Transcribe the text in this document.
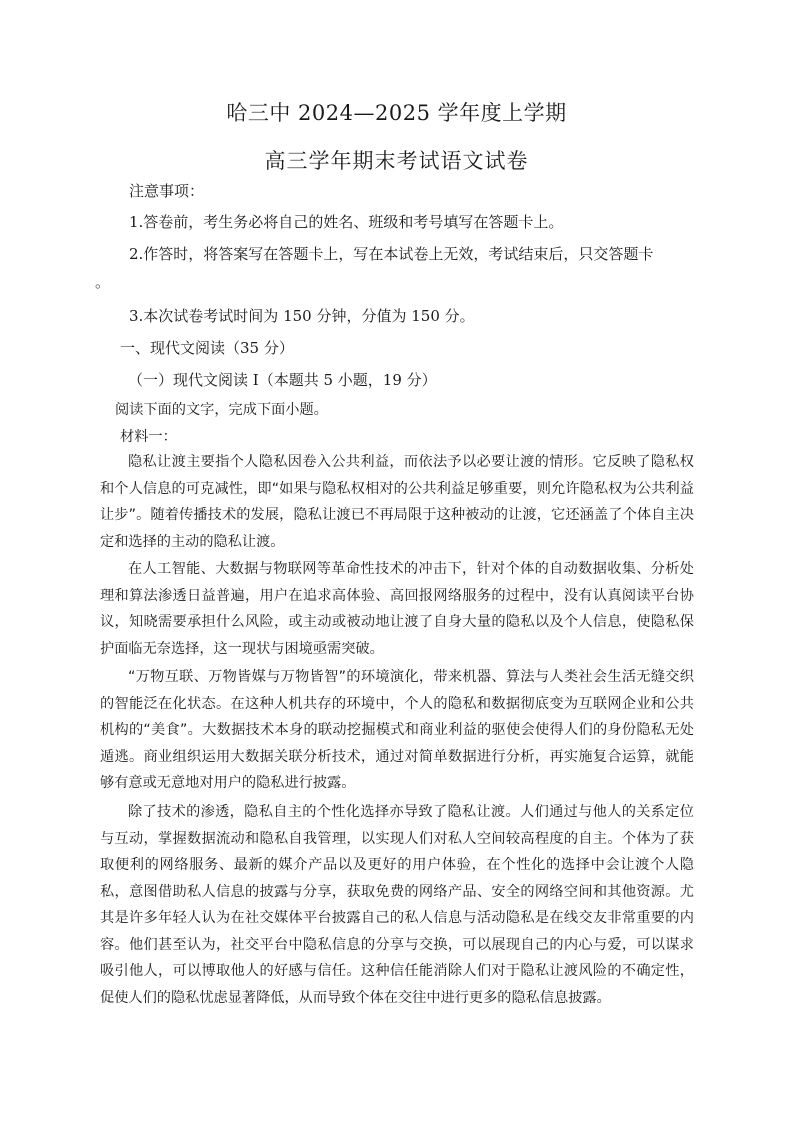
哈三中 2024—2025 学年度上学期
高三学年期末考试语文试卷
注意事项：
1.答卷前，考生务必将自己的姓名、班级和考号填写在答题卡上。
2.作答时，将答案写在答题卡上，写在本试卷上无效，考试结束后，只交答题卡
。
3.本次试卷考试时间为 150 分钟，分值为 150 分。
一、现代文阅读（35 分）
（一）现代文阅读 I（本题共 5 小题，19 分）
阅读下面的文字，完成下面小题。
材料一：

隐私让渡主要指个人隐私因卷入公共利益，而依法予以必要让渡的情形。它反映了隐私权和个人信息的可克减性，即“如果与隐私权相对的公共利益足够重要，则允许隐私权为公共利益让步”。随着传播技术的发展，隐私让渡已不再局限于这种被动的让渡，它还涵盖了个体自主决定和选择的主动的隐私让渡。

在人工智能、大数据与物联网等革命性技术的冲击下，针对个体的自动数据收集、分析处理和算法渗透日益普遍，用户在追求高体验、高回报网络服务的过程中，没有认真阅读平台协议，知晓需要承担什么风险，或主动或被动地让渡了自身大量的隐私以及个人信息，使隐私保护面临无奈选择，这一现状与困境亟需突破。

“万物互联、万物皆媒与万物皆智”的环境演化，带来机器、算法与人类社会生活无缝交织的智能泛在化状态。在这种人机共存的环境中，个人的隐私和数据彻底变为互联网企业和公共机构的“美食”。大数据技术本身的联动挖掘模式和商业利益的驱使会使得人们的身份隐私无处遁逃。商业组织运用大数据关联分析技术，通过对简单数据进行分析，再实施复合运算，就能够有意或无意地对用户的隐私进行披露。

除了技术的渗透，隐私自主的个性化选择亦导致了隐私让渡。人们通过与他人的关系定位与互动，掌握数据流动和隐私自我管理，以实现人们对私人空间较高程度的自主。个体为了获取便利的网络服务、最新的媒介产品以及更好的用户体验，在个性化的选择中会让渡个人隐私，意图借助私人信息的披露与分享，获取免费的网络产品、安全的网络空间和其他资源。尤其是许多年轻人认为在社交媒体平台披露自己的私人信息与活动隐私是在线交友非常重要的内容。他们甚至认为，社交平台中隐私信息的分享与交换，可以展现自己的内心与爱，可以谋求吸引他人，可以博取他人的好感与信任。这种信任能消除人们对于隐私让渡风险的不确定性，促使人们的隐私忧虑显著降低，从而导致个体在交往中进行更多的隐私信息披露。
